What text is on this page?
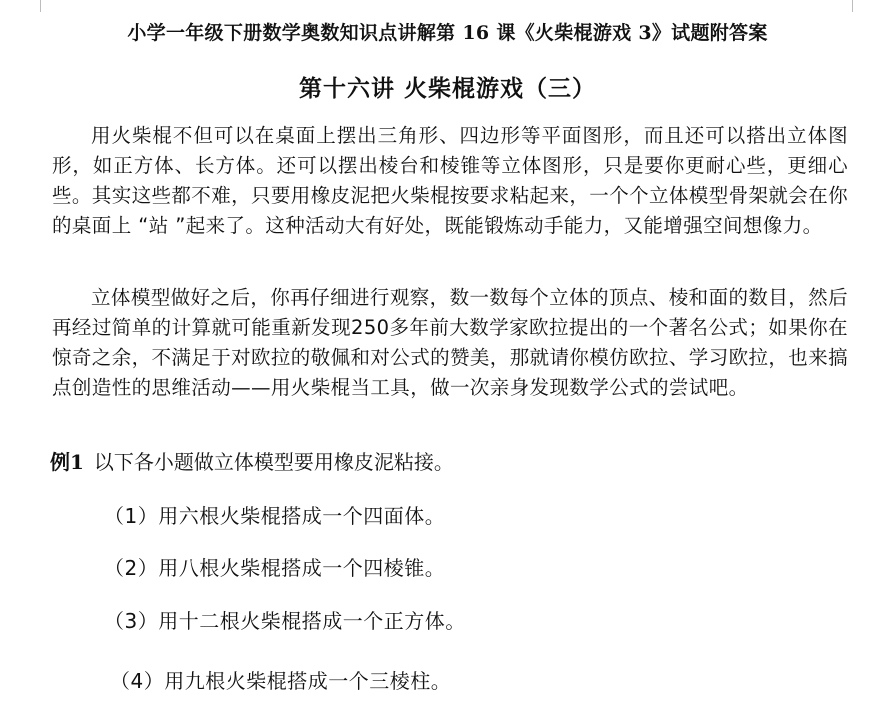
小学一年级下册数学奥数知识点讲解第 16 课《火柴棍游戏 3》试题附答案
第十六讲 火柴棍游戏（三）

用火柴棍不但可以在桌面上摆出三角形、四边形等平面图形，而且还可以搭出立体图形，如正方体、长方体。还可以摆出棱台和棱锥等立体图形，只是要你更耐心些，更细心些。其实这些都不难，只要用橡皮泥把火柴棍按要求粘起来，一个个立体模型骨架就会在你的桌面上 “站 ”起来了。这种活动大有好处，既能锻炼动手能力，又能增强空间想像力。

立体模型做好之后，你再仔细进行观察，数一数每个立体的顶点、棱和面的数目，然后再经过简单的计算就可能重新发现250多年前大数学家欧拉提出的一个著名公式；如果你在惊奇之余，不满足于对欧拉的敬佩和对公式的赞美，那就请你模仿欧拉、学习欧拉，也来搞点创造性的思维活动——用火柴棍当工具，做一次亲身发现数学公式的尝试吧。

例1 以下各小题做立体模型要用橡皮泥粘接。
（1）用六根火柴棍搭成一个四面体。
（2）用八根火柴棍搭成一个四棱锥。
（3）用十二根火柴棍搭成一个正方体。
（4）用九根火柴棍搭成一个三棱柱。
